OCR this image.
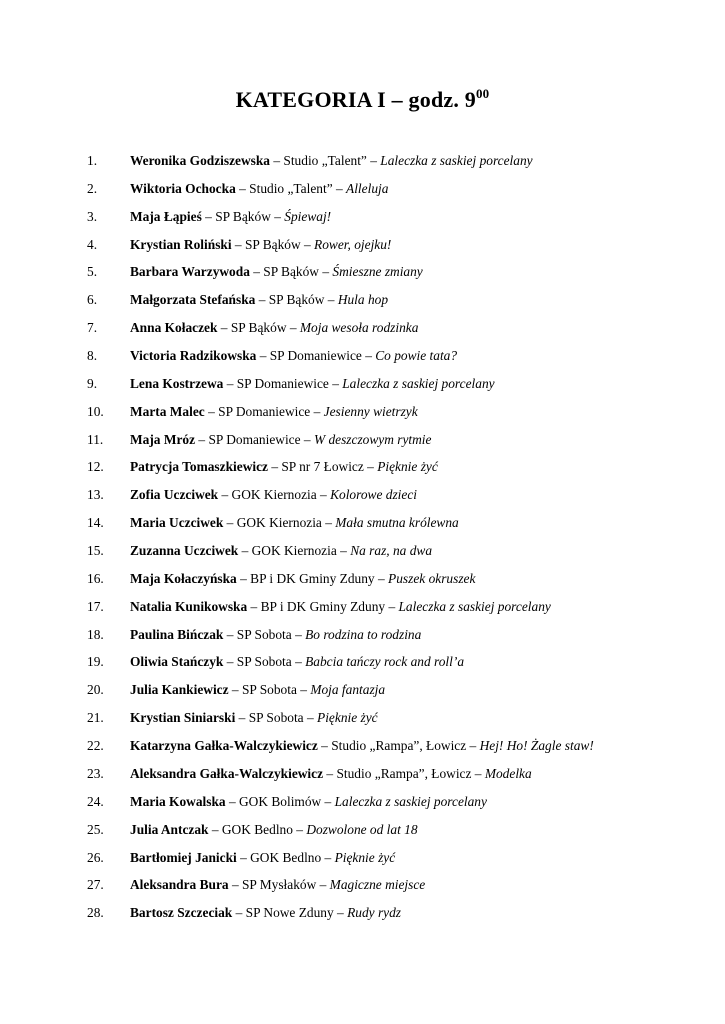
KATEGORIA I – godz. $9^{00}$
1.	Weronika Godziszewska – Studio „Talent” – Laleczka z saskiej porcelany
2.	Wiktoria Ochocka – Studio „Talent” – Alleluja
3.	Maja Łąpieś – SP Bąków – Śpiewaj!
4.	Krystian Roliński – SP Bąków – Rower, ojejku!
5.	Barbara Warzywoda – SP Bąków – Śmieszne zmiany
6.	Małgorzata Stefańska – SP Bąków – Hula hop
7.	Anna Kołaczek – SP Bąków – Moja wesoła rodzinka
8.	Victoria Radzikowska – SP Domaniewice – Co powie tata?
9.	Lena Kostrzewa – SP Domaniewice – Laleczka z saskiej porcelany
10.	Marta Malec – SP Domaniewice – Jesienny wietrzyk
11.	Maja Mróz – SP Domaniewice – W deszczowym rytmie
12.	Patrycja Tomaszkiewicz – SP nr 7 Łowicz – Pięknie żyć
13.	Zofia Uczciwek – GOK Kiernozia – Kolorowe dzieci
14.	Maria Uczciwek – GOK Kiernozia – Mała smutna królewna
15.	Zuzanna Uczciwek – GOK Kiernozia – Na raz, na dwa
16.	Maja Kołaczyńska – BP i DK Gminy Zduny – Puszek okruszek
17.	Natalia Kunikowska – BP i DK Gminy Zduny – Laleczka z saskiej porcelany
18.	Paulina Bińczak – SP Sobota – Bo rodzina to rodzina
19.	Oliwia Stańczyk – SP Sobota – Babcia tańczy rock and roll’a
20.	Julia Kankiewicz – SP Sobota – Moja fantazja
21.	Krystian Siniarski – SP Sobota – Pięknie żyć
22.	Katarzyna Gałka-Walczykiewicz – Studio „Rampa”, Łowicz – Hej! Ho! Żagle staw!
23.	Aleksandra Gałka-Walczykiewicz – Studio „Rampa”, Łowicz – Modelka
24.	Maria Kowalska – GOK Bolimów – Laleczka z saskiej porcelany
25.	Julia Antczak – GOK Bedlno – Dozwolone od lat 18
26.	Bartłomiej Janicki – GOK Bedlno – Pięknie żyć
27.	Aleksandra Bura – SP Mysłaków – Magiczne miejsce
28.	Bartosz Szczeciak – SP Nowe Zduny – Rudy rydz
